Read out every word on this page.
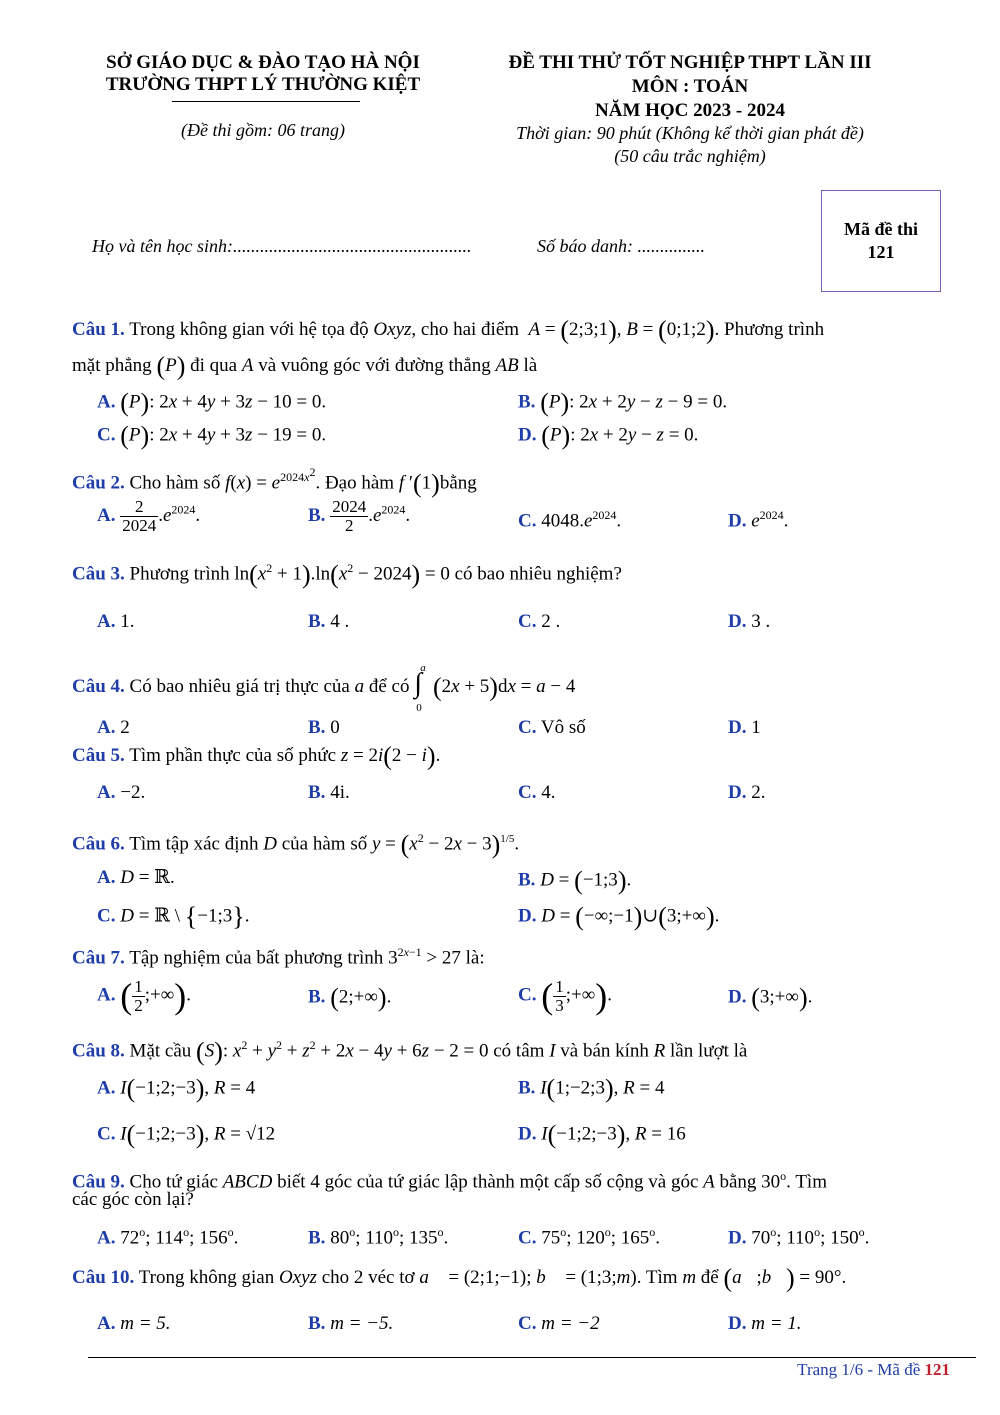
SỞ GIÁO DỤC & ĐÀO TẠO HÀ NỘI
TRƯỜNG THPT LÝ THƯỜNG KIỆT
(Đề thi gồm: 06 trang)
ĐỀ THI THỬ TỐT NGHIỆP THPT LẦN III
MÔN : TOÁN
NĂM HỌC 2023 - 2024
Thời gian: 90 phút (Không kể thời gian phát đề)
(50 câu trắc nghiệm)
Họ và tên học sinh:.....................................................	Số báo danh: ...............
Mã đề thi
121
Câu 1. Trong không gian với hệ tọa độ Oxyz, cho hai điểm A = (2;3;1), B = (0;1;2). Phương trình
mặt phẳng (P) đi qua A và vuông góc với đường thẳng AB là
A. (P): 2x + 4y + 3z − 10 = 0.	B. (P): 2x + 2y − z − 9 = 0.
C. (P): 2x + 4y + 3z − 19 = 0.	D. (P): 2x + 2y − z = 0.
Câu 2. Cho hàm số $f(x) = e^{2024x^2}$. Đạo hàm f ′(1)bằng
A. $\frac{2}{2024} .e^{2024}$.	B. $\frac{2024}{2} .e^{2024}$.	C. $4048.e^{2024}$.	D. $e^{2024}$.
Câu 3. Phương trình $\ln(x^2 + 1).\ln(x^2 - 2024) = 0$ có bao nhiêu nghiệm?
A. 1.	B. 4 .	C. 2 .	D. 3 .
Câu 4. Có bao nhiêu giá trị thực của a để có ∫
a
0
(2x + 5)dx = a − 4
A. 2	B. 0	C. Vô số	D. 1
Câu 5. Tìm phần thực của số phức z = 2i(2 − i).
A. −2.	B. 4i.	C. 4.	D. 2.
Câu 6. Tìm tập xác định D của hàm số $y = (x^2 - 2x - 3)^{1/5}$.
A. D = ℝ.	B. D = (−1;3).
C. D = ℝ \ {−1;3}.	D. D = (−∞;−1)∪(3;+∞).
Câu 7. Tập nghiệm của bất phương trình $3^{2x-1} > 27$ là:
A. ( $\frac{1}{2}$ ;+∞).	B. (2;+∞).	C. ( $\frac{1}{3}$ ;+∞).	D. (3;+∞).
Câu 8. Mặt cầu (S): $x^2 + y^2 + z^2 + 2x - 4y + 6z - 2 = 0$ có tâm I và bán kính R lần lượt là
A. I(−1;2;−3), R = 4	B. I(1;−2;3), R = 4
C. I(−1;2;−3), R = √12	D. I(−1;2;−3), R = 16
Câu 9. Cho tứ giác ABCD biết 4 góc của tứ giác lập thành một cấp số cộng và góc A bằng 30$^o$. Tìm
các góc còn lại?
A. 72$^o$; 114$^o$; 156$^o$.	B. 80$^o$; 110$^o$; 135$^o$.	C. 75$^o$; 120$^o$; 165$^o$.	D. 70$^o$; 110$^o$; 150$^o$.
Câu 10. Trong không gian Oxyz cho 2 véc tơ a⃗ = (2;1;−1); b⃗ = (1;3;m). Tìm m để (a⃗;b⃗) = 90°.
A. m = 5.	B. m = −5.	C. m = −2	D. m = 1.
Trang 1/6 - Mã đề 121
